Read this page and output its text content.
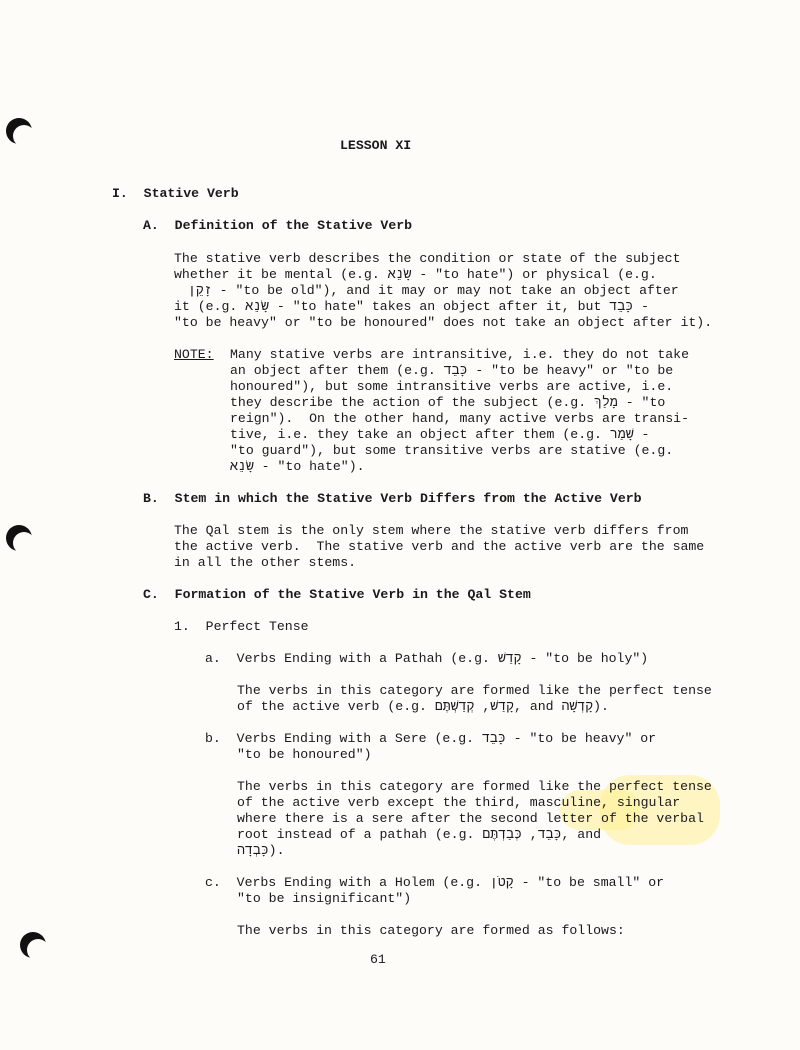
LESSON XI
I.  Stative Verb
A.  Definition of the Stative Verb
The stative verb describes the condition or state of the subject
whether it be mental (e.g. שָׂנֵא - "to hate") or physical (e.g.
זָקֵן - "to be old"), and it may or may not take an object after
it (e.g. שָׂנֵא - "to hate" takes an object after it, but כָּבֵד -
"to be heavy" or "to be honoured" does not take an object after it).
NOTE: Many stative verbs are intransitive, i.e. they do not take
an object after them (e.g. כָּבֵד - "to be heavy" or "to be
honoured"), but some intransitive verbs are active, i.e.
they describe the action of the subject (e.g. מָלַךְ - "to
reign").  On the other hand, many active verbs are transi-
tive, i.e. they take an object after them (e.g. שָׁמַר -
"to guard"), but some transitive verbs are stative (e.g.
שָׂנֵא - "to hate").
B.  Stem in which the Stative Verb Differs from the Active Verb
The Qal stem is the only stem where the stative verb differs from
the active verb.  The stative verb and the active verb are the same
in all the other stems.
C.  Formation of the Stative Verb in the Qal Stem
1.  Perfect Tense
a.  Verbs Ending with a Pathah (e.g. קָדַשׁ - "to be holy")
The verbs in this category are formed like the perfect tense
of the active verb (e.g. קָדַשׁ, קְדַשְׁתֶּם, and קָדְשָׁה).
b.  Verbs Ending with a Sere (e.g. כָּבֵד - "to be heavy" or
"to be honoured")
The verbs in this category are formed like the perfect tense
of the active verb except the third, masculine, singular
where there is a sere after the second letter of the verbal
root instead of a pathah (e.g. כָּבֵד, כְּבַדְתֶּם, and
כָּבְדָה).
c.  Verbs Ending with a Holem (e.g. קָטֹן - "to be small" or
"to be insignificant")
The verbs in this category are formed as follows:
61
